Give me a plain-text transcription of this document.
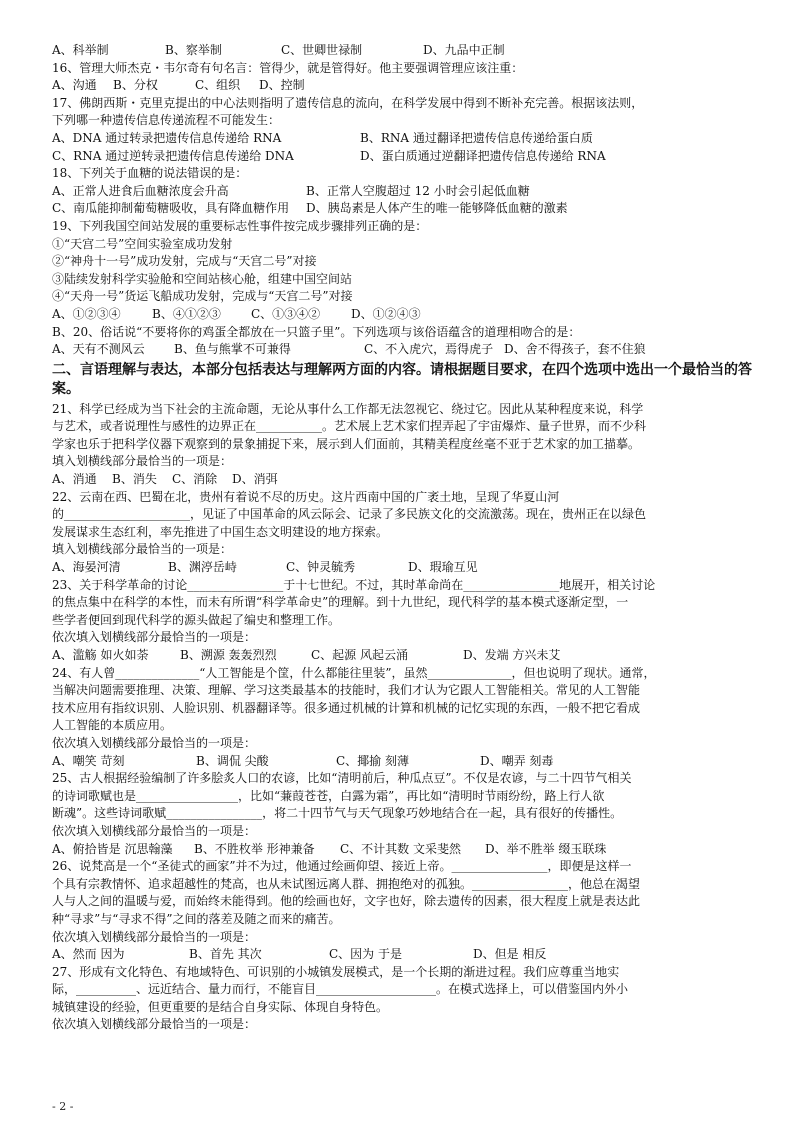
A、科举制	B、察举制	C、世卿世禄制	D、九品中正制
16、管理大师杰克・韦尔奇有句名言：管得少，就是管得好。他主要强调管理应该注重：
A、沟通	B、分权	C、组织	D、控制
17、佛朗西斯・克里克提出的中心法则指明了遗传信息的流向，在科学发展中得到不断补充完善。根据该法则，
下列哪一种遗传信息传递流程不可能发生：
A、DNA 通过转录把遗传信息传递给 RNA	B、RNA 通过翻译把遗传信息传递给蛋白质
C、RNA 通过逆转录把遗传信息传递给 DNA	D、蛋白质通过逆翻译把遗传信息传递给 RNA
18、下列关于血糖的说法错误的是：
A、正常人进食后血糖浓度会升高	B、正常人空腹超过 12 小时会引起低血糖
C、南瓜能抑制葡萄糖吸收，具有降血糖作用	D、胰岛素是人体产生的唯一能够降低血糖的激素
19、下列我国空间站发展的重要标志性事件按完成步骤排列正确的是：
①“天宫二号”空间实验室成功发射
②“神舟十一号”成功发射，完成与“天宫二号”对接
③陆续发射科学实验舱和空间站核心舱，组建中国空间站
④“天舟一号”货运飞船成功发射，完成与“天宫二号”对接
A、①②③④	B、④①②③	C、①③④②	D、①②④③
B、20、俗话说“不要将你的鸡蛋全都放在一只篮子里”。下列选项与该俗语蕴含的道理相吻合的是：
A、天有不测风云	B、鱼与熊掌不可兼得	C、不入虎穴，焉得虎子 D、舍不得孩子，套不住狼
二、言语理解与表达，本部分包括表达与理解两方面的内容。请根据题目要求，在四个选项中选出一个最恰当的答案。
21、科学已经成为当下社会的主流命题，无论从事什么工作都无法忽视它、绕过它。因此从某种程度来说，科学
与艺术，或者说理性与感性的边界正在___________。艺术展上艺术家们捏弄起了宇宙爆炸、量子世界，而不少科
学家也乐于把科学仪器下观察到的景象捕捉下来，展示到人们面前，其精美程度丝毫不亚于艺术家的加工描摹。
填入划横线部分最恰当的一项是：
A、消通	B、消失	C、消除	D、消弭
22、云南在西、巴蜀在北，贵州有着说不尽的历史。这片西南中国的广袤土地，呈现了华夏山河
的_____________________，见证了中国革命的风云际会、记录了多民族文化的交流激荡。现在，贵州正在以绿色
发展谋求生态红利，率先推进了中国生态文明建设的地方探索。
填入划横线部分最恰当的一项是：
A、海晏河清	B、渊渟岳峙	C、钟灵毓秀	D、瑕瑜互见
23、关于科学革命的讨论________________于十七世纪。不过，其时革命尚在________________地展开，相关讨论
的焦点集中在科学的本性，而未有所谓“科学革命史”的理解。到十九世纪，现代科学的基本模式逐渐定型，一
些学者便回到现代科学的源头做起了编史和整理工作。
依次填入划横线部分最恰当的一项是：
A、滥觞 如火如荼	B、溯源 轰轰烈烈	C、起源 风起云涌	D、发端 方兴未艾
24、有人曾______________“人工智能是个筐，什么都能往里装”，虽然______________，但也说明了现状。通常，
当解决问题需要推理、决策、理解、学习这类最基本的技能时，我们才认为它跟人工智能相关。常见的人工智能
技术应用有指纹识别、人脸识别、机器翻译等。很多通过机械的计算和机械的记忆实现的东西，一般不把它看成
人工智能的本质应用。
依次填入划横线部分最恰当的一项是：
A、嘲笑 苛刻	B、调侃 尖酸	C、揶揄 刻薄	D、嘲弄 刻毒
25、古人根据经验编制了许多脍炙人口的农谚，比如“清明前后，种瓜点豆”。不仅是农谚，与二十四节气相关
的诗词歌赋也是_________________，比如“蒹葭苍苍，白露为霜”，再比如“清明时节雨纷纷，路上行人欲
断魂”。这些诗词歌赋________________，将二十四节气与天气现象巧妙地结合在一起，具有很好的传播性。
依次填入划横线部分最恰当的一项是：
A、俯拾皆是 沉思翰藻	B、不胜枚举 形神兼备	C、不计其数 文采斐然	D、举不胜举 缀玉联珠
26、说梵高是一个“圣徒式的画家”并不为过，他通过绘画仰望、接近上帝。________________，即便是这样一
个具有宗教情怀、追求超越性的梵高，也从未试图远离人群、拥抱绝对的孤独。________________，他总在渴望
人与人之间的温暖与爱，而始终未能得到。他的绘画也好，文字也好，除去遗传的因素，很大程度上就是表达此
种“寻求”与“寻求不得”之间的落差及随之而来的痛苦。
依次填入划横线部分最恰当的一项是：
A、然而 因为	B、首先 其次	C、因为 于是	D、但是 相反
27、形成有文化特色、有地域特色、可识别的小城镇发展模式，是一个长期的渐进过程。我们应尊重当地实
际，__________、远近结合、量力而行，不能盲目____________________。在模式选择上，可以借鉴国内外小
城镇建设的经验，但更重要的是结合自身实际、体现自身特色。
依次填入划横线部分最恰当的一项是：
- 2 -
